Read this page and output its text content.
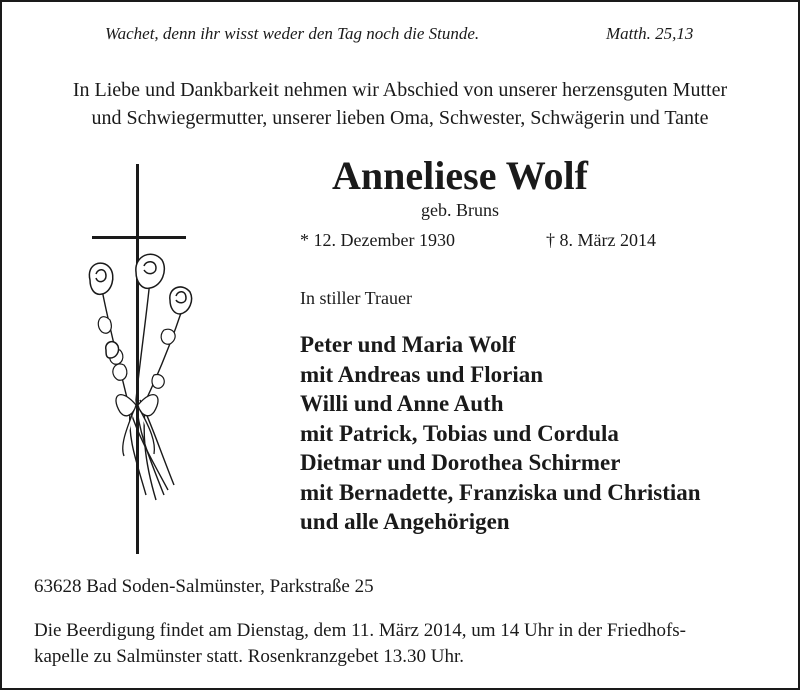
Wachet, denn ihr wisst weder den Tag noch die Stunde.	Matth. 25,13
In Liebe und Dankbarkeit nehmen wir Abschied von unserer herzensguten Mutter
und Schwiegermutter, unserer lieben Oma, Schwester, Schwägerin und Tante
Anneliese Wolf
geb. Bruns
* 12. Dezember 1930	† 8. März 2014
In stiller Trauer
Peter und Maria Wolf
mit Andreas und Florian
Willi und Anne Auth
mit Patrick, Tobias und Cordula
Dietmar und Dorothea Schirmer
mit Bernadette, Franziska und Christian
und alle Angehörigen
63628 Bad Soden-Salmünster, Parkstraße 25
Die Beerdigung findet am Dienstag, dem 11. März 2014, um 14 Uhr in der Friedhofs-
kapelle zu Salmünster statt. Rosenkranzgebet 13.30 Uhr.
